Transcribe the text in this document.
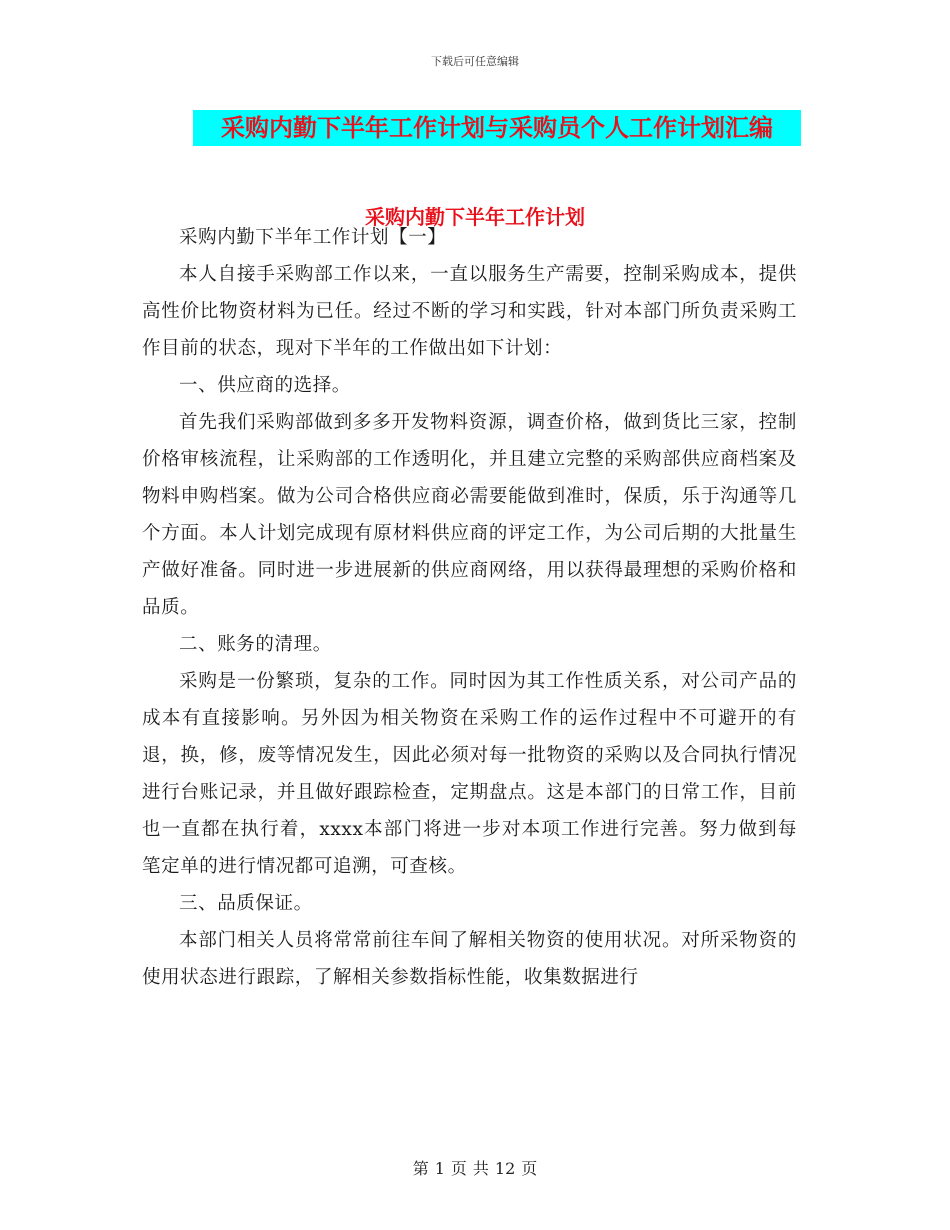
下载后可任意编辑
采购内勤下半年工作计划与采购员个人工作计划汇编
采购内勤下半年工作计划

采购内勤下半年工作计划【一】

本人自接手采购部工作以来，一直以服务生产需要，控制采购成本，提供高性价比物资材料为已任。经过不断的学习和实践，针对本部门所负责采购工作目前的状态，现对下半年的工作做出如下计划：

一、供应商的选择。

首先我们采购部做到多多开发物料资源，调查价格，做到货比三家，控制价格审核流程，让采购部的工作透明化，并且建立完整的采购部供应商档案及物料申购档案。做为公司合格供应商必需要能做到准时，保质，乐于沟通等几个方面。本人计划完成现有原材料供应商的评定工作，为公司后期的大批量生产做好准备。同时进一步进展新的供应商网络，用以获得最理想的采购价格和品质。

二、账务的清理。

采购是一份繁琐，复杂的工作。同时因为其工作性质关系，对公司产品的成本有直接影响。另外因为相关物资在采购工作的运作过程中不可避开的有退，换，修，废等情况发生，因此必须对每一批物资的采购以及合同执行情况进行台账记录，并且做好跟踪检查，定期盘点。这是本部门的日常工作，目前也一直都在执行着，xxxx本部门将进一步对本项工作进行完善。努力做到每笔定单的进行情况都可追溯，可查核。

三、品质保证。

本部门相关人员将常常前往车间了解相关物资的使用状况。对所采物资的使用状态进行跟踪，了解相关参数指标性能，收集数据进行

第 1 页 共 12 页
